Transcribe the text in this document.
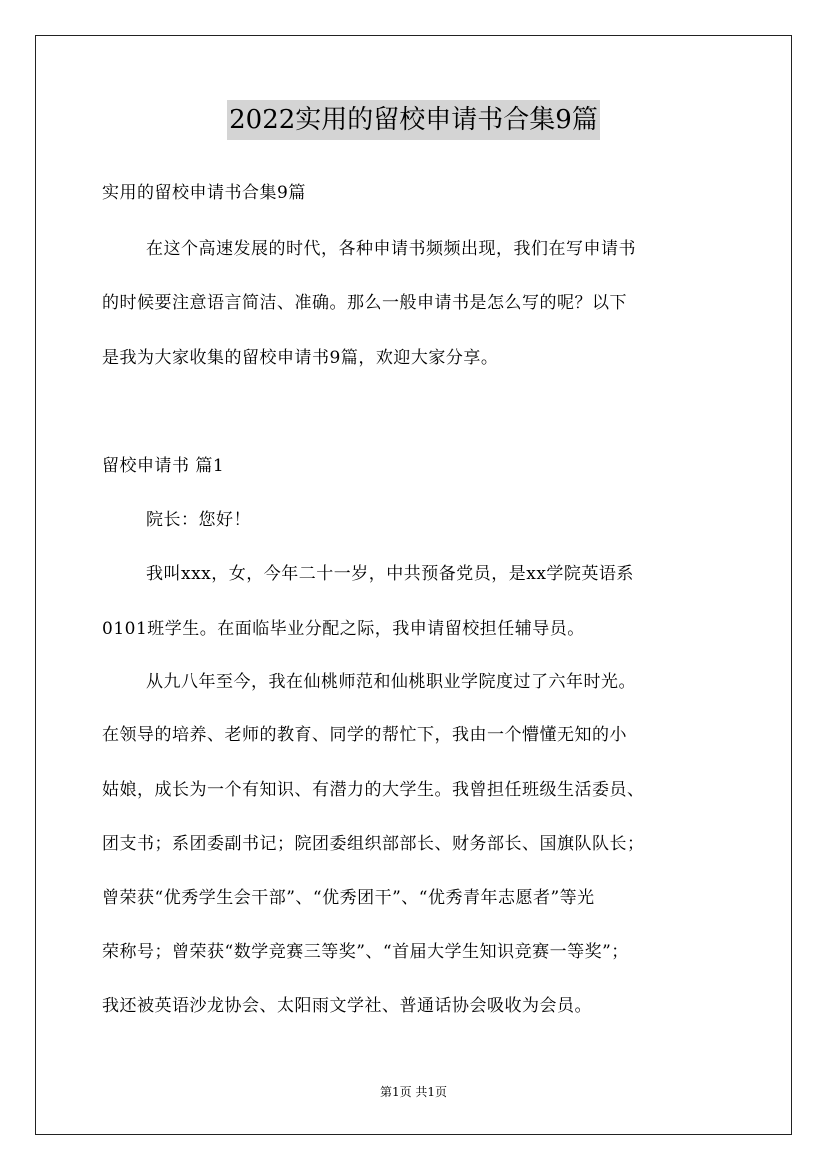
2022实用的留校申请书合集9篇
实用的留校申请书合集9篇
在这个高速发展的时代，各种申请书频频出现，我们在写申请书
的时候要注意语言简洁、准确。那么一般申请书是怎么写的呢？以下
是我为大家收集的留校申请书9篇，欢迎大家分享。
留校申请书 篇1
院长：您好！
我叫xxx，女，今年二十一岁，中共预备党员，是xx学院英语系
0101班学生。在面临毕业分配之际，我申请留校担任辅导员。
从九八年至今，我在仙桃师范和仙桃职业学院度过了六年时光。
在领导的培养、老师的教育、同学的帮忙下，我由一个懵懂无知的小
姑娘，成长为一个有知识、有潜力的大学生。我曾担任班级生活委员、
团支书；系团委副书记；院团委组织部部长、财务部长、国旗队队长；
曾荣获“优秀学生会干部”、“优秀团干”、“优秀青年志愿者”等光
荣称号；曾荣获“数学竞赛三等奖”、“首届大学生知识竞赛一等奖”；
我还被英语沙龙协会、太阳雨文学社、普通话协会吸收为会员。
第1页 共1页
